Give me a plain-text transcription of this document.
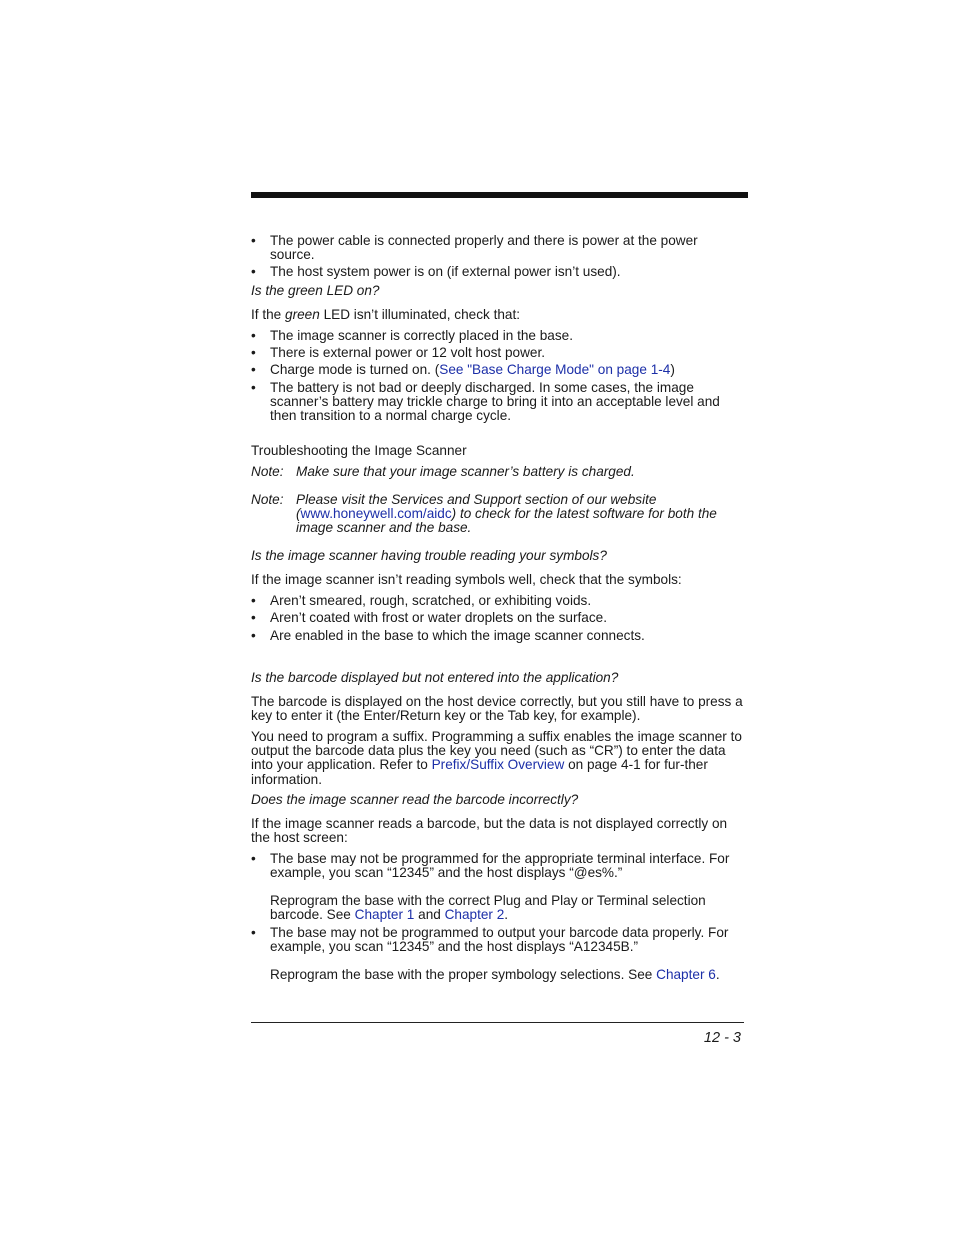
• The power cable is connected properly and there is power at the power source.
• The host system power is on (if external power isn’t used).
Is the green LED on?
If the green LED isn’t illuminated, check that:
• The image scanner is correctly placed in the base.
• There is external power or 12 volt host power.
• Charge mode is turned on. (See "Base Charge Mode" on page 1-4)
• The battery is not bad or deeply discharged. In some cases, the image scanner’s battery may trickle charge to bring it into an acceptable level and then transition to a normal charge cycle.
Troubleshooting the Image Scanner
Note: Make sure that your image scanner’s battery is charged.
Note: Please visit the Services and Support section of our website (www.honeywell.com/aidc) to check for the latest software for both the image scanner and the base.
Is the image scanner having trouble reading your symbols?
If the image scanner isn’t reading symbols well, check that the symbols:
• Aren’t smeared, rough, scratched, or exhibiting voids.
• Aren’t coated with frost or water droplets on the surface.
• Are enabled in the base to which the image scanner connects.
Is the barcode displayed but not entered into the application?
The barcode is displayed on the host device correctly, but you still have to press a key to enter it (the Enter/Return key or the Tab key, for example).
You need to program a suffix. Programming a suffix enables the image scanner to output the barcode data plus the key you need (such as “CR”) to enter the data into your application. Refer to Prefix/Suffix Overview on page 4-1 for fur-ther information.
Does the image scanner read the barcode incorrectly?
If the image scanner reads a barcode, but the data is not displayed correctly on the host screen:
• The base may not be programmed for the appropriate terminal interface. For example, you scan “12345” and the host displays “@es%.”
Reprogram the base with the correct Plug and Play or Terminal selection barcode. See Chapter 1 and Chapter 2.
• The base may not be programmed to output your barcode data properly. For example, you scan “12345” and the host displays “A12345B.”
Reprogram the base with the proper symbology selections. See Chapter 6.
12 - 3
